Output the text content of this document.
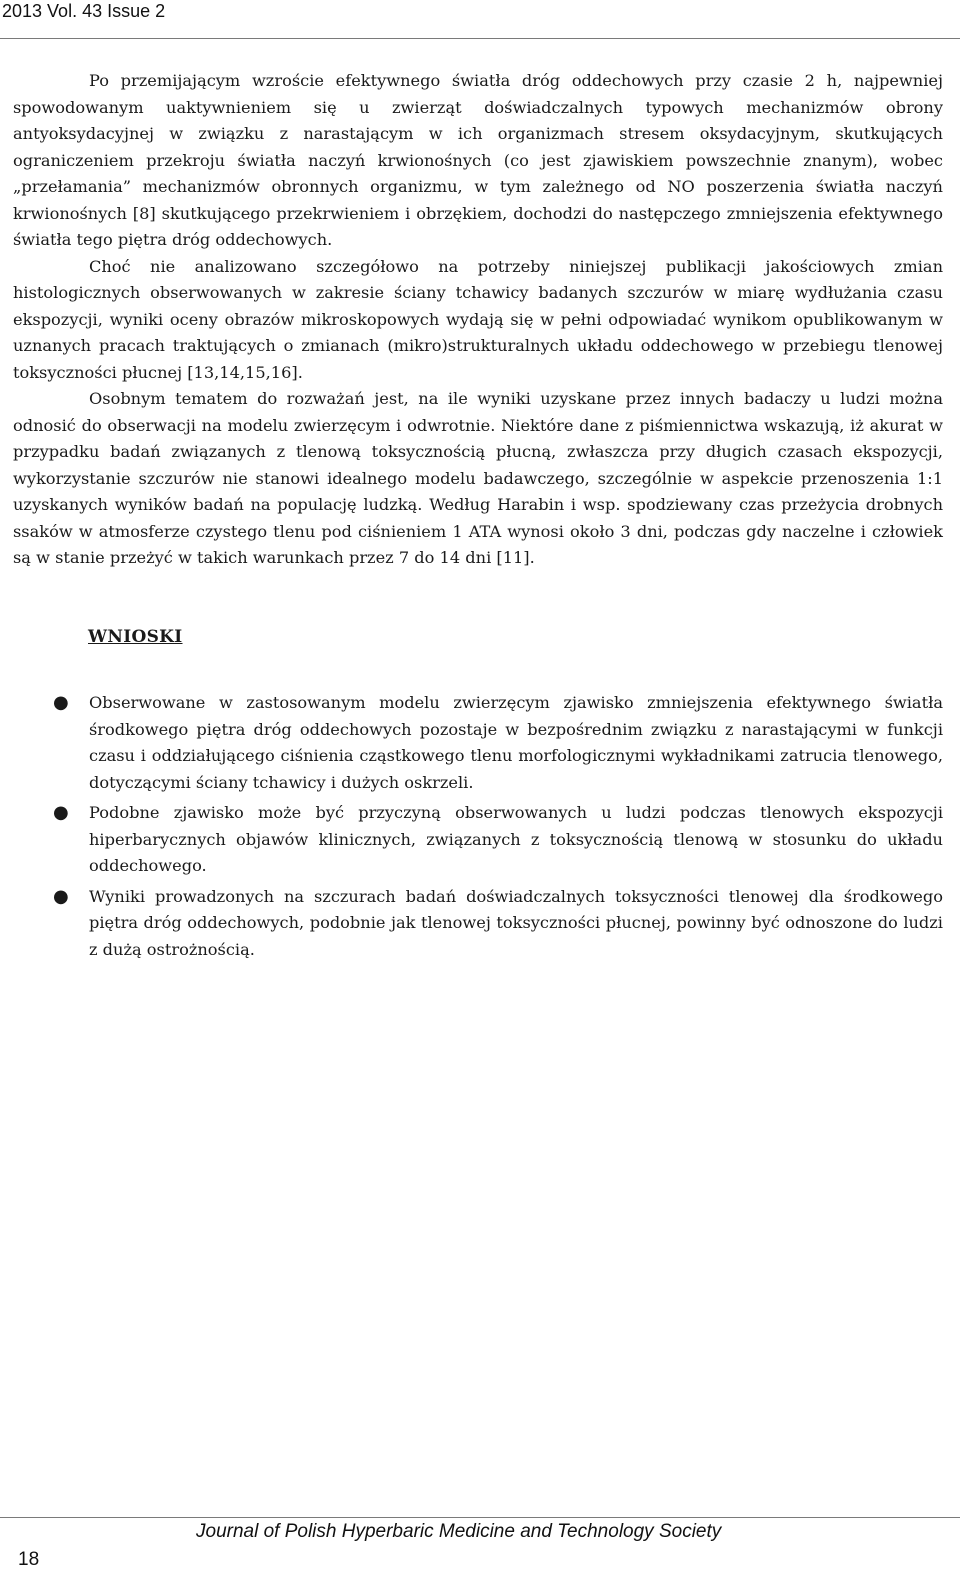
2013 Vol. 43 Issue 2

Po przemijającym wzroście efektywnego światła dróg oddechowych przy czasie 2 h, najpewniej spowodowanym uaktywnieniem się u zwierząt doświadczalnych typowych mechanizmów obrony antyoksydacyjnej w związku z narastającym w ich organizmach stresem oksydacyjnym, skutkujących ograniczeniem przekroju światła naczyń krwionośnych (co jest zjawiskiem powszechnie znanym), wobec „przełamania” mechanizmów obronnych organizmu, w tym zależnego od NO poszerzenia światła naczyń krwionośnych [8] skutkującego przekrwieniem i obrzękiem, dochodzi do następczego zmniejszenia efektywnego światła tego piętra dróg oddechowych.

Choć nie analizowano szczegółowo na potrzeby niniejszej publikacji jakościowych zmian histologicznych obserwowanych w zakresie ściany tchawicy badanych szczurów w miarę wydłużania czasu ekspozycji, wyniki oceny obrazów mikroskopowych wydają się w pełni odpowiadać wynikom opublikowanym w uznanych pracach traktujących o zmianach (mikro)strukturalnych układu oddechowego w przebiegu tlenowej toksyczności płucnej [13,14,15,16].

Osobnym tematem do rozważań jest, na ile wyniki uzyskane przez innych badaczy u ludzi można odnosić do obserwacji na modelu zwierzęcym i odwrotnie. Niektóre dane z piśmiennictwa wskazują, iż akurat w przypadku badań związanych z tlenową toksycznością płucną, zwłaszcza przy długich czasach ekspozycji, wykorzystanie szczurów nie stanowi idealnego modelu badawczego, szczególnie w aspekcie przenoszenia 1:1 uzyskanych wyników badań na populację ludzką. Według Harabin i wsp. spodziewany czas przeżycia drobnych ssaków w atmosferze czystego tlenu pod ciśnieniem 1 ATA wynosi około 3 dni, podczas gdy naczelne i człowiek są w stanie przeżyć w takich warunkach przez 7 do 14 dni [11].

WNIOSKI
● Obserwowane w zastosowanym modelu zwierzęcym zjawisko zmniejszenia efektywnego światła środkowego piętra dróg oddechowych pozostaje w bezpośrednim związku z narastającymi w funkcji czasu i oddziałującego ciśnienia cząstkowego tlenu morfologicznymi wykładnikami zatrucia tlenowego, dotyczącymi ściany tchawicy i dużych oskrzeli.
● Podobne zjawisko może być przyczyną obserwowanych u ludzi podczas tlenowych ekspozycji hiperbarycznych objawów klinicznych, związanych z toksycznością tlenową w stosunku do układu oddechowego.
● Wyniki prowadzonych na szczurach badań doświadczalnych toksyczności tlenowej dla środkowego piętra dróg oddechowych, podobnie jak tlenowej toksyczności płucnej, powinny być odnoszone do ludzi z dużą ostrożnością.
Journal of Polish Hyperbaric Medicine and Technology Society
18
